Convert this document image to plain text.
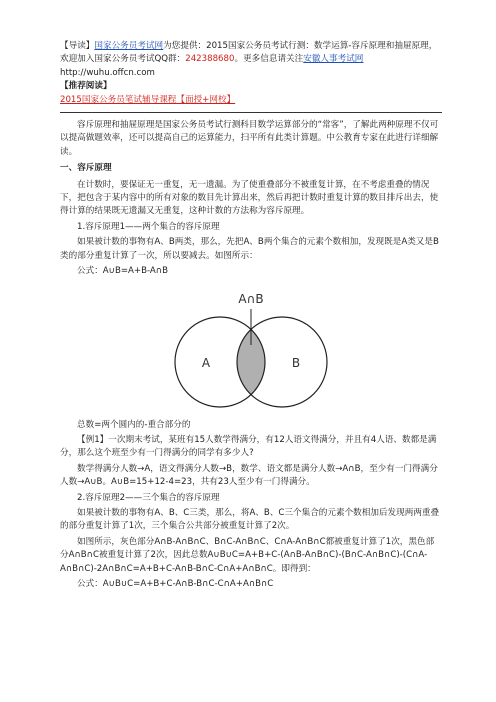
【导读】国家公务员考试网为您提供：2015国家公务员考试行测：数学运算-容斥原理和抽屉原理，欢迎加入国家公务员考试QQ群：242388680。更多信息请关注安徽人事考试网

http://wuhu.offcn.com

【推荐阅读】

2015国家公务员笔试辅导课程【面授+网校】

容斥原理和抽屉原理是国家公务员考试行测科目数学运算部分的“常客”，了解此两种原理不仅可以提高做题效率，还可以提高自己的运算能力，扫平所有此类计算题。中公教育专家在此进行详细解读。

一、容斥原理

在计数时，要保证无一重复，无一遗漏。为了使重叠部分不被重复计算，在不考虑重叠的情况下，把包含于某内容中的所有对象的数目先计算出来，然后再把计数时重复计算的数目排斥出去，使得计算的结果既无遗漏又无重复，这种计数的方法称为容斥原理。

1.容斥原理1——两个集合的容斥原理

如果被计数的事物有A、B两类，那么，先把A、B两个集合的元素个数相加，发现既是A类又是B类的部分重复计算了一次，所以要减去。如图所示：

公式：A∪B=A+B-A∩B

A∩B
A	B

总数=两个圆内的-重合部分的

【例1】一次期末考试，某班有15人数学得满分，有12人语文得满分，并且有4人语、数都是满分，那么这个班至少有一门得满分的同学有多少人?

数学得满分人数→A，语文得满分人数→B，数学、语文都是满分人数→A∩B，至少有一门得满分人数→A∪B。A∪B=15+12-4=23，共有23人至少有一门得满分。

2.容斥原理2——三个集合的容斥原理

如果被计数的事物有A、B、C三类，那么，将A、B、C三个集合的元素个数相加后发现两两重叠的部分重复计算了1次，三个集合公共部分被重复计算了2次。

如图所示，灰色部分A∩B-A∩B∩C、B∩C-A∩B∩C、C∩A-A∩B∩C都被重复计算了1次，黑色部分A∩B∩C被重复计算了2次，因此总数A∪B∪C=A+B+C-(A∩B-A∩B∩C)-(B∩C-A∩B∩C)-(C∩A-A∩B∩C)-2A∩B∩C=A+B+C-A∩B-B∩C-C∩A+A∩B∩C。即得到：

公式：A∪B∪C=A+B+C-A∩B-B∩C-C∩A+A∩B∩C
